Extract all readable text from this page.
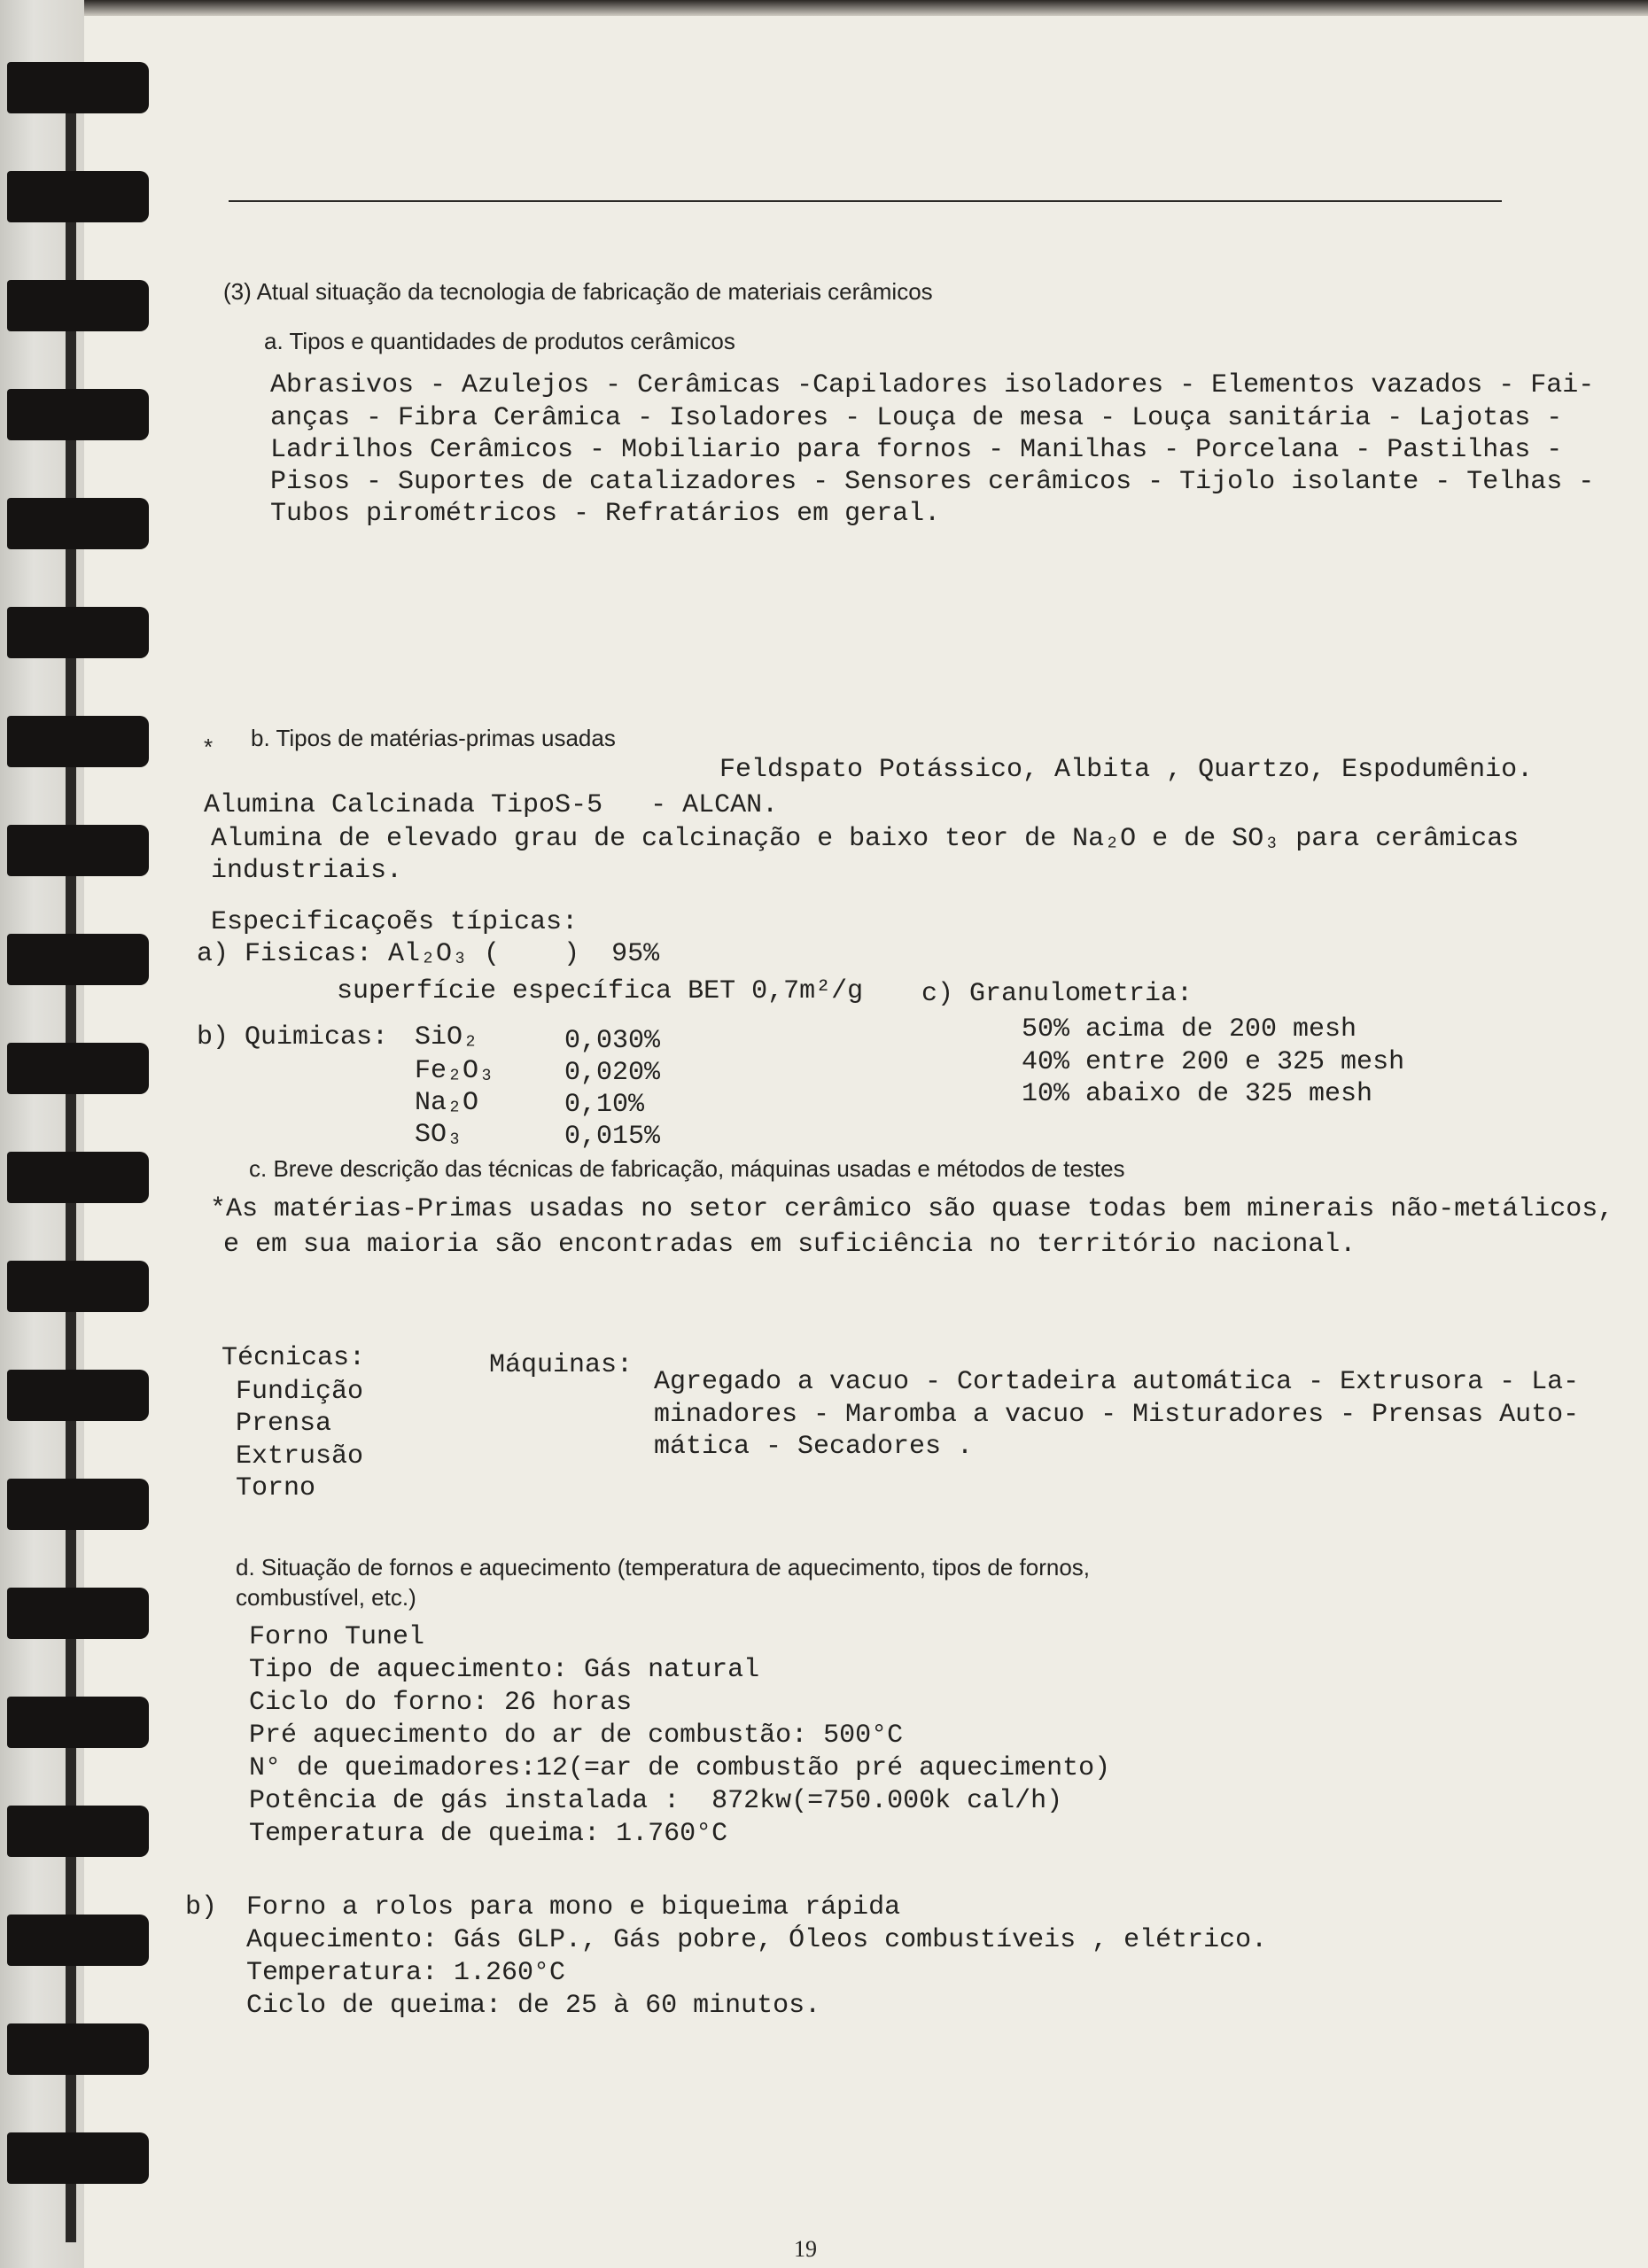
(3) Atual situação da tecnologia de fabricação de materiais cerâmicos
a. Tipos e quantidades de produtos cerâmicos
Abrasivos - Azulejos - Cerâmicas -Capiladores isoladores - Elementos vazados - Fai-
anças - Fibra Cerâmica - Isoladores - Louça de mesa - Louça sanitária - Lajotas -
Ladrilhos Cerâmicos - Mobiliario para fornos - Manilhas - Porcelana - Pastilhas -
Pisos - Suportes de catalizadores - Sensores cerâmicos - Tijolo isolante - Telhas -
Tubos pirométricos - Refratários em geral.
* b. Tipos de matérias-primas usadas
Feldspato Potássico, Albita , Quartzo, Espodumênio.
Alumina Calcinada TipoS-5   - ALCAN.
Alumina de elevado grau de calcinação e baixo teor de Na₂O e de SO₃ para cerâmicas
industriais.
Especificaçoẽs típicas:
a) Fisicas: Al₂O₃ (    )  95%
superfície específica BET 0,7m²/g c) Granulometria:
50% acima de 200 mesh
40% entre 200 e 325 mesh
10% abaixo de 325 mesh
b) Quimicas: SiO₂	0,030%
Fe₂O₃	0,020%
Na₂O	0,10%
SO₃	0,015%
c. Breve descrição das técnicas de fabricação, máquinas usadas e métodos de testes
*As matérias-Primas usadas no setor cerâmico são quase todas bem minerais não-metálicos,
e em sua maioria são encontradas em suficiência no território nacional.
Técnicas:
Fundição
Prensa
Extrusão
Torno
Máquinas:
Agregado a vacuo - Cortadeira automática - Extrusora - La-
minadores - Maromba a vacuo - Misturadores - Prensas Auto-
mática - Secadores .
d. Situação de fornos e aquecimento (temperatura de aquecimento, tipos de fornos,
combustível, etc.)
Forno Tunel
Tipo de aquecimento: Gás natural
Ciclo do forno: 26 horas
Pré aquecimento do ar de combustão: 500°C
N° de queimadores:12(=ar de combustão pré aquecimento)
Potência de gás instalada :  872kw(=750.000k cal/h)
Temperatura de queima: 1.760°C
b) Forno a rolos para mono e biqueima rápida
Aquecimento: Gás GLP., Gás pobre, Óleos combustíveis , elétrico.
Temperatura: 1.260°C
Ciclo de queima: de 25 à 60 minutos.
19
